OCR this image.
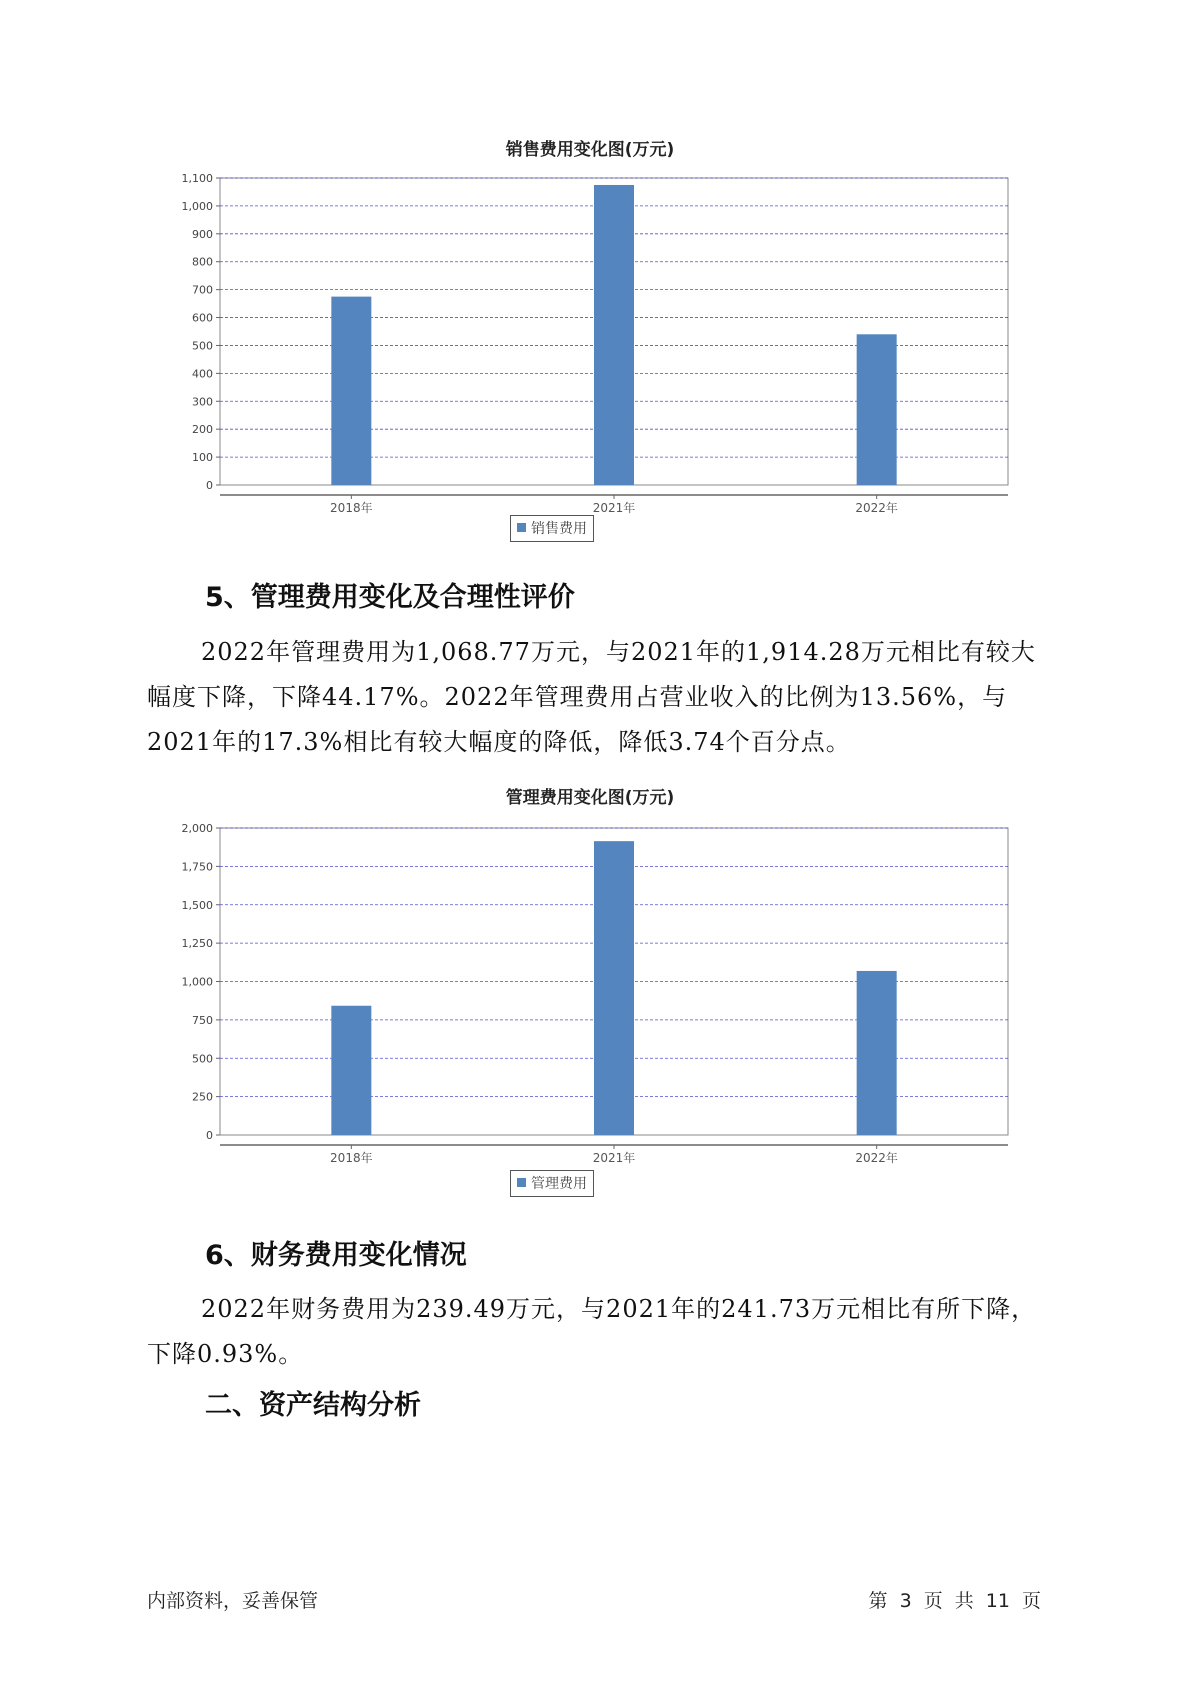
销售费用变化图(万元)
0
100
200
300
400
500
600
700
800
900
1,000
1,100
2018年	2021年	2022年
销售费用
5、管理费用变化及合理性评价

2022年管理费用为1,068.77万元，与2021年的1,914.28万元相比有较大幅度下降，下降44.17%。2022年管理费用占营业收入的比例为13.56%，与2021年的17.3%相比有较大幅度的降低，降低3.74个百分点。

管理费用变化图(万元)
0
250
500
750
1,000
1,250
1,500
1,750
2,000
2018年	2021年	2022年
管理费用
6、财务费用变化情况

2022年财务费用为239.49万元，与2021年的241.73万元相比有所下降，下降0.93%。

二、资产结构分析
内部资料，妥善保管	第 3 页 共 11 页
